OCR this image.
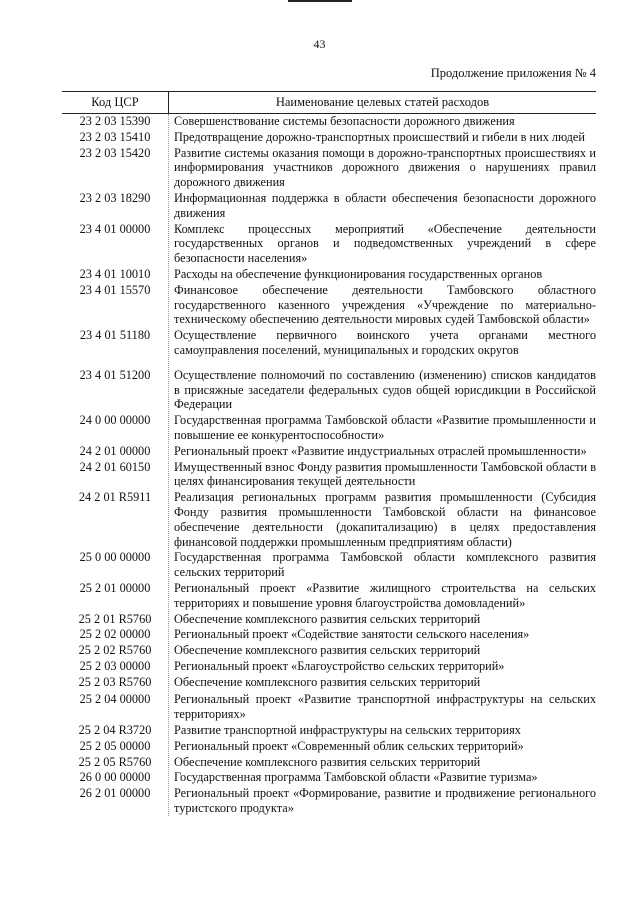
43
Продолжение приложения № 4
Код ЦСР	Наименование целевых статей расходов
23 2 03 15390	Совершенствование системы безопасности дорожного движения
23 2 03 15410	Предотвращение дорожно-транспортных происшествий и гибели в них людей
23 2 03 15420	Развитие системы оказания помощи в дорожно-транспортных происшествиях и информирования участников дорожного движения о нарушениях правил дорожного движения
23 2 03 18290	Информационная поддержка в области обеспечения безопасности дорожного движения
23 4 01 00000	Комплекс процессных мероприятий «Обеспечение деятельности государственных органов и подведомственных учреждений в сфере безопасности населения»
23 4 01 10010	Расходы на обеспечение функционирования государственных органов
23 4 01 15570	Финансовое обеспечение деятельности Тамбовского областного государственного казенного учреждения «Учреждение по материально-техническому обеспечению деятельности мировых судей Тамбовской области»
23 4 01 51180	Осуществление первичного воинского учета органами местного самоуправления поселений, муниципальных и городских округов
23 4 01 51200	Осуществление полномочий по составлению (изменению) списков кандидатов в присяжные заседатели федеральных судов общей юрисдикции в Российской Федерации
24 0 00 00000	Государственная программа Тамбовской области «Развитие промышленности и повышение ее конкурентоспособности»
24 2 01 00000	Региональный проект «Развитие индустриальных отраслей промышленности»
24 2 01 60150	Имущественный взнос Фонду развития промышленности Тамбовской области в целях финансирования текущей деятельности
24 2 01 R5911	Реализация региональных программ развития промышленности (Субсидия Фонду развития промышленности Тамбовской области на финансовое обеспечение деятельности (докапитализацию) в целях предоставления финансовой поддержки промышленным предприятиям области)
25 0 00 00000	Государственная программа Тамбовской области комплексного развития сельских территорий
25 2 01 00000	Региональный проект «Развитие жилищного строительства на сельских территориях и повышение уровня благоустройства домовладений»
25 2 01 R5760	Обеспечение комплексного развития сельских территорий
25 2 02 00000	Региональный проект «Содействие занятости сельского населения»
25 2 02 R5760	Обеспечение комплексного развития сельских территорий
25 2 03 00000	Региональный проект «Благоустройство сельских территорий»
25 2 03 R5760	Обеспечение комплексного развития сельских территорий
25 2 04 00000	Региональный проект «Развитие транспортной инфраструктуры на сельских территориях»
25 2 04 R3720	Развитие транспортной инфраструктуры на сельских территориях
25 2 05 00000	Региональный проект «Современный облик сельских территорий»
25 2 05 R5760	Обеспечение комплексного развития сельских территорий
26 0 00 00000	Государственная программа Тамбовской области «Развитие туризма»
26 2 01 00000	Региональный проект «Формирование, развитие и продвижение регионального туристского продукта»
